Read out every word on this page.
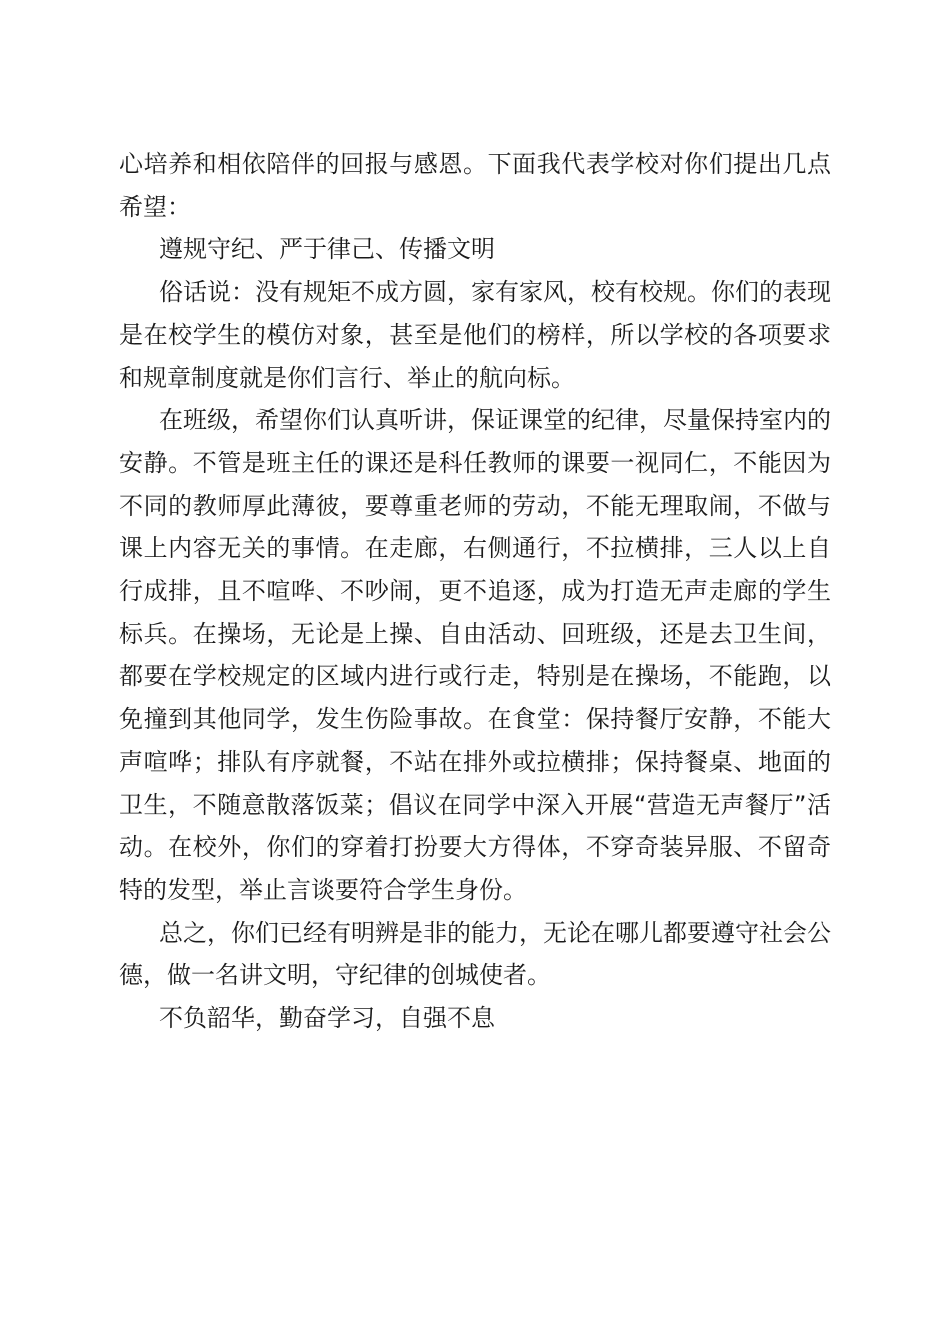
心培养和相依陪伴的回报与感恩。下面我代表学校对你们提出几点希望：

遵规守纪、严于律己、传播文明

俗话说：没有规矩不成方圆，家有家风，校有校规。你们的表现是在校学生的模仿对象，甚至是他们的榜样，所以学校的各项要求和规章制度就是你们言行、举止的航向标。

在班级，希望你们认真听讲，保证课堂的纪律，尽量保持室内的安静。不管是班主任的课还是科任教师的课要一视同仁，不能因为不同的教师厚此薄彼，要尊重老师的劳动，不能无理取闹，不做与课上内容无关的事情。在走廊，右侧通行，不拉横排，三人以上自行成排，且不喧哗、不吵闹，更不追逐，成为打造无声走廊的学生标兵。在操场，无论是上操、自由活动、回班级，还是去卫生间，都要在学校规定的区域内进行或行走，特别是在操场，不能跑，以免撞到其他同学，发生伤险事故。在食堂：保持餐厅安静，不能大声喧哗；排队有序就餐，不站在排外或拉横排；保持餐桌、地面的卫生，不随意散落饭菜；倡议在同学中深入开展“营造无声餐厅”活动。在校外，你们的穿着打扮要大方得体，不穿奇装异服、不留奇特的发型，举止言谈要符合学生身份。

总之，你们已经有明辨是非的能力，无论在哪儿都要遵守社会公德，做一名讲文明，守纪律的创城使者。

不负韶华，勤奋学习，自强不息
